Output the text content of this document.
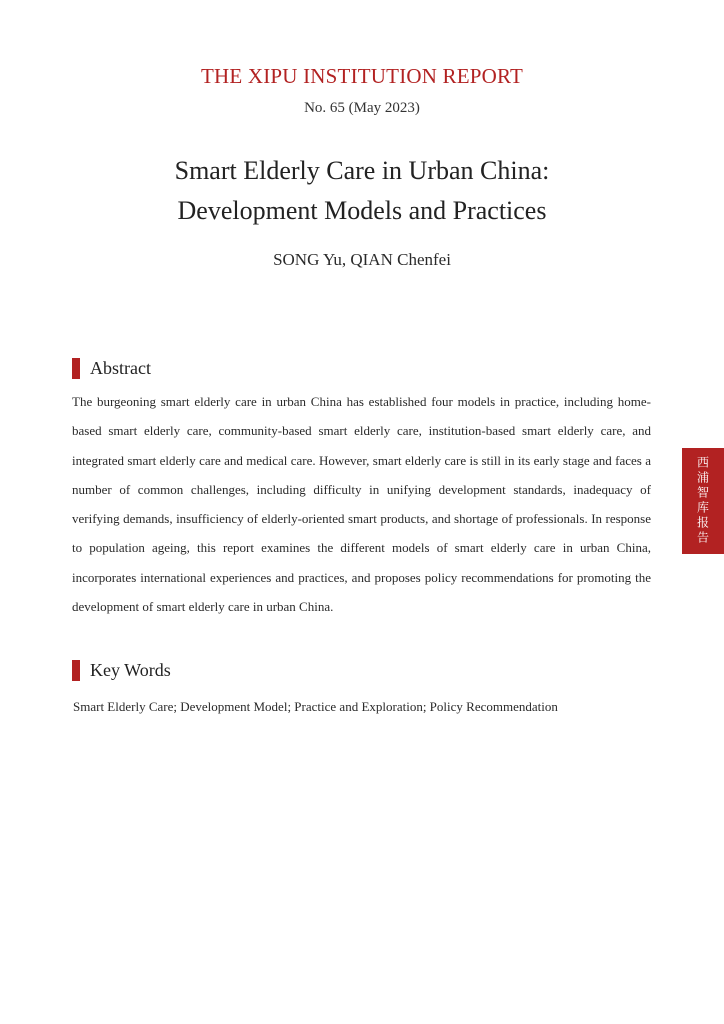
THE XIPU INSTITUTION REPORT
No. 65 (May 2023)
Smart Elderly Care in Urban China:
Development Models and Practices
SONG Yu, QIAN Chenfei
Abstract

The burgeoning smart elderly care in urban China has established four models in practice, including home-based smart elderly care, community-based smart elderly care, institution-based smart elderly care, and integrated smart elderly care and medical care. However, smart elderly care is still in its early stage and faces a number of common challenges, including difficulty in unifying development standards, inadequacy of verifying demands, insufficiency of elderly-oriented smart products, and shortage of professionals. In response to population ageing, this report examines the different models of smart elderly care in urban China, incorporates international experiences and practices, and proposes policy recommendations for promoting the development of smart elderly care in urban China.

Key Words

Smart Elderly Care; Development Model; Practice and Exploration; Policy Recommendation

西浦智库报告
